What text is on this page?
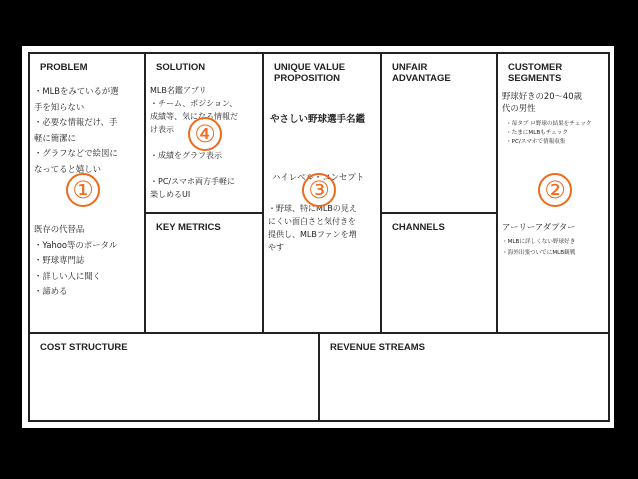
PROBLEM
・MLBをみているが選
手を知らない
・必要な情報だけ、手
軽に簡潔に
・グラフなどで絵図に
なってると嬉しい
既存の代替品
・Yahoo等のポータル
・野球専門誌
・詳しい人に聞く
・諦める
SOLUTION
MLB名鑑アプリ
・チーム、ポジション、
成績等、気になる情報だ
け表示

・成績をグラフ表示

・PC/スマホ両方手軽に
楽しめるUI
KEY METRICS
UNIQUE VALUE
PROPOSITION
やさしい野球選手名鑑
ハイレベル・コンセプト
・野球、特にMLBの見え
にくい面白さと気付きを
提供し、MLBファンを増
やす
UNFAIR
ADVANTAGE
CHANNELS
CUSTOMER
SEGMENTS
野球好きの20〜40歳
代の男性
・毎タブ ロ野球の結果をチェック
・たまにMLBもチェック
・PC/スマホで情報収集
アーリーアダプター
・MLBに詳しくない野球好き
・海外出張ついでにMLB観戦
COST STRUCTURE	REVENUE STREAMS
①
④
③	②
